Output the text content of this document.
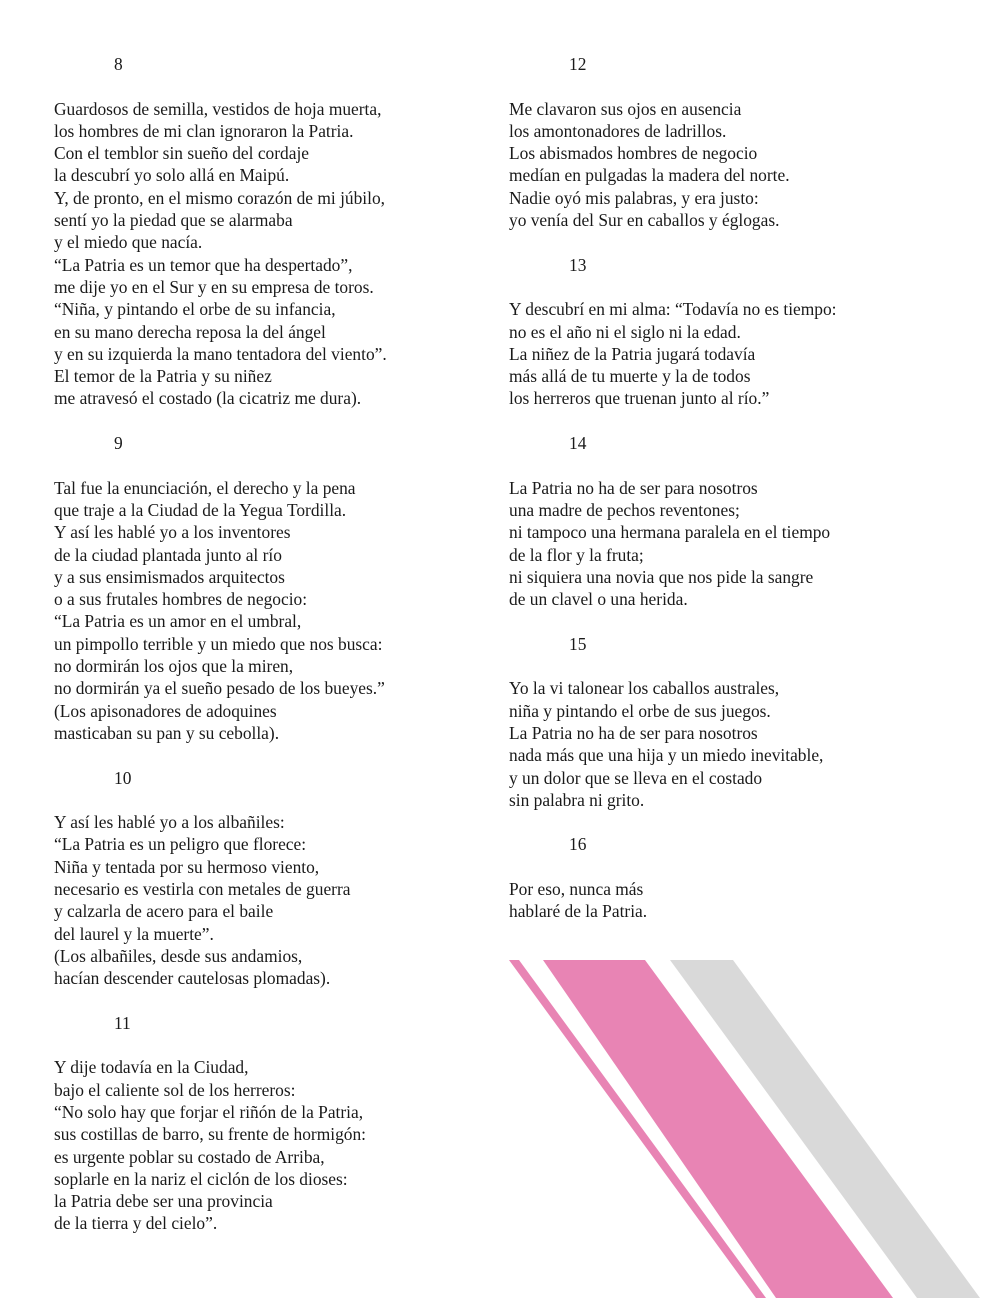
8
Guardosos de semilla, vestidos de hoja muerta,
los hombres de mi clan ignoraron la Patria.
Con el temblor sin sueño del cordaje
la descubrí yo solo allá en Maipú.
Y, de pronto, en el mismo corazón de mi júbilo,
sentí yo la piedad que se alarmaba
y el miedo que nacía.
“La Patria es un temor que ha despertado”,
me dije yo en el Sur y en su empresa de toros.
“Niña, y pintando el orbe de su infancia,
en su mano derecha reposa la del ángel
y en su izquierda la mano tentadora del viento”.
El temor de la Patria y su niñez
me atravesó el costado (la cicatriz me dura).
9
Tal fue la enunciación, el derecho y la pena
que traje a la Ciudad de la Yegua Tordilla.
Y así les hablé yo a los inventores
de la ciudad plantada junto al río
y a sus ensimismados arquitectos
o a sus frutales hombres de negocio:
“La Patria es un amor en el umbral,
un pimpollo terrible y un miedo que nos busca:
no dormirán los ojos que la miren,
no dormirán ya el sueño pesado de los bueyes.”
(Los apisonadores de adoquines
masticaban su pan y su cebolla).
10
Y así les hablé yo a los albañiles:
“La Patria es un peligro que florece:
Niña y tentada por su hermoso viento,
necesario es vestirla con metales de guerra
y calzarla de acero para el baile
del laurel y la muerte”.
(Los albañiles, desde sus andamios,
hacían descender cautelosas plomadas).
11
Y dije todavía en la Ciudad,
bajo el caliente sol de los herreros:
“No solo hay que forjar el riñón de la Patria,
sus costillas de barro, su frente de hormigón:
es urgente poblar su costado de Arriba,
soplarle en la nariz el ciclón de los dioses:
la Patria debe ser una provincia
de la tierra y del cielo”.
12
Me clavaron sus ojos en ausencia
los amontonadores de ladrillos.
Los abismados hombres de negocio
medían en pulgadas la madera del norte.
Nadie oyó mis palabras, y era justo:
yo venía del Sur en caballos y églogas.
13
Y descubrí en mi alma: “Todavía no es tiempo:
no es el año ni el siglo ni la edad.
La niñez de la Patria jugará todavía
más allá de tu muerte y la de todos
los herreros que truenan junto al río.”
14
La Patria no ha de ser para nosotros
una madre de pechos reventones;
ni tampoco una hermana paralela en el tiempo
de la flor y la fruta;
ni siquiera una novia que nos pide la sangre
de un clavel o una herida.
15
Yo la vi talonear los caballos australes,
niña y pintando el orbe de sus juegos.
La Patria no ha de ser para nosotros
nada más que una hija y un miedo inevitable,
y un dolor que se lleva en el costado
sin palabra ni grito.
16
Por eso, nunca más
hablaré de la Patria.
